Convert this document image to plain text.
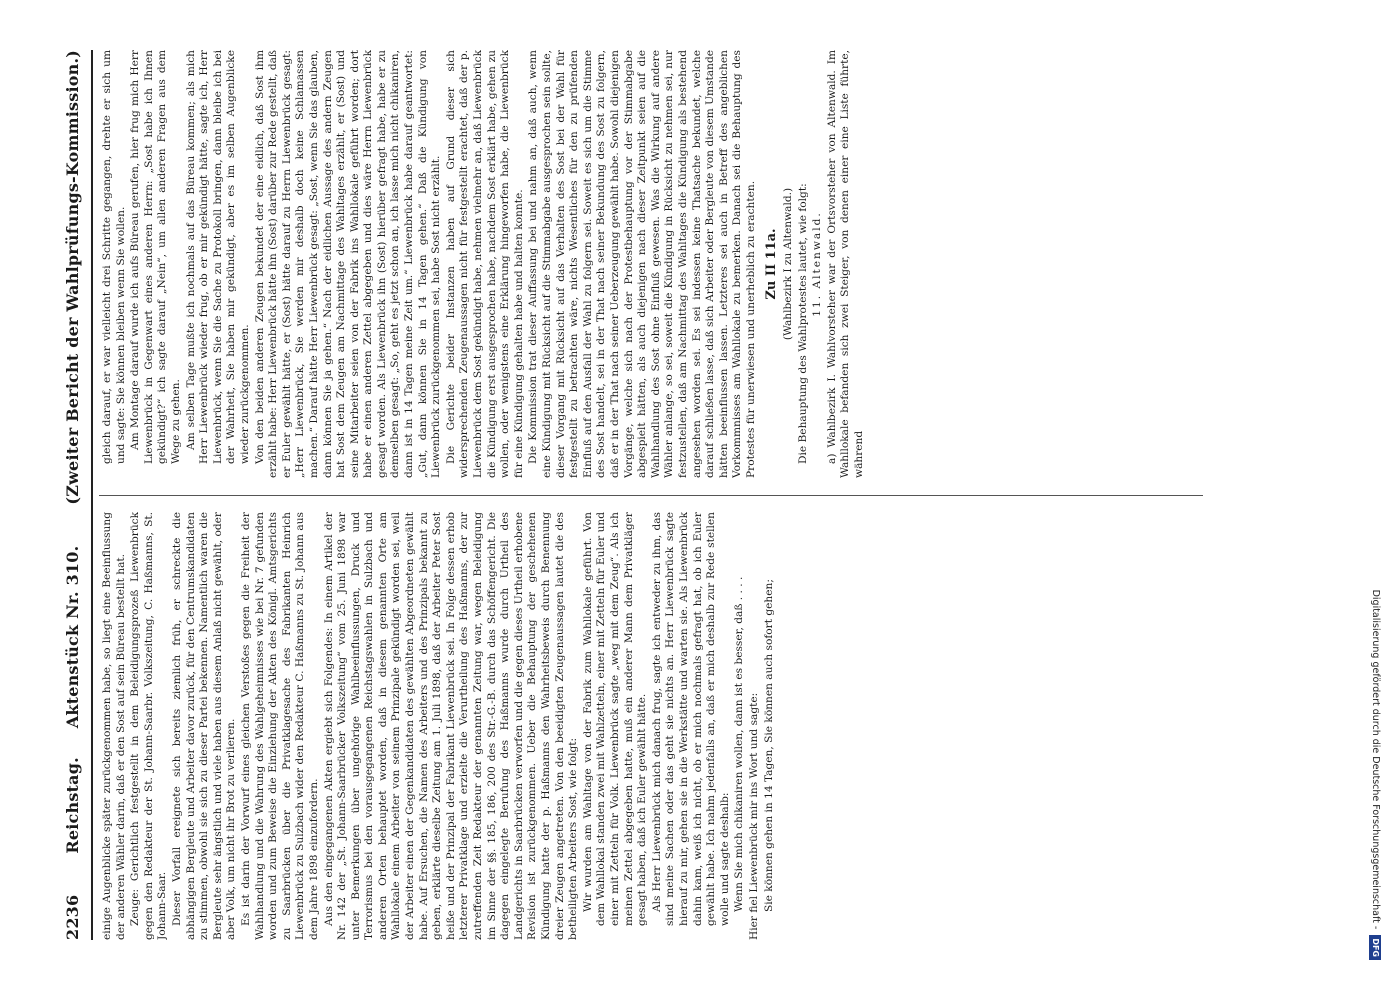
2236
Reichstag.     Aktenstück Nr. 310.
(Zweiter Bericht der Wahlprüfungs-Kommission.)

einige Augenblicke später zurückgenommen habe, so liegt eine Beeinflussung der anderen Wähler darin, daß er den Sost auf sein Büreau bestellt hat. Zeuge: Gerichtlich festgestellt in dem Beleidigungsprozeß Liewenbrück gegen den Redakteur der St. Johann-Saarbr. Volkszeitung, C. Haßmanns, St. Johann-Saar. Dieser Vorfall ereignete sich bereits ziemlich früh, er schreckte die abhängigen Bergleute und Arbeiter davor zurück, für den Centrumskandidaten zu stimmen, obwohl sie sich zu dieser Partei bekennen. Namentlich waren die Bergleute sehr ängstlich und viele haben aus diesem Anlaß nicht gewählt, oder aber Volk, um nicht ihr Brot zu verlieren. Es ist darin der Vorwurf eines gleichen Verstoßes gegen die Freiheit der Wahlhandlung und die Wahrung des Wahlgeheimnisses wie bei Nr. 7 gefunden worden und zum Beweise die Einziehung der Akten des Königl. Amtsgerichts zu Saarbrücken über die Privatklagesache des Fabrikanten Heinrich Liewenbrück zu Sulzbach wider den Redakteur C. Haßmanns zu St. Johann aus dem Jahre 1898 einzufordern. Aus den eingegangenen Akten ergiebt sich Folgendes: In einem Artikel der Nr. 142 der „St. Johann-Saarbrücker Volkszeitung“ vom 25. Juni 1898 war unter Bemerkungen über ungehörige Wahlbeeinflussungen, Druck und Terrorismus bei den vorausgegangenen Reichstagswahlen in Sulzbach und anderen Orten behauptet worden, daß in diesem genannten Orte am Wahllokale einem Arbeiter von seinem Prinzipale gekündigt worden sei, weil der Arbeiter einen der Gegenkandidaten des gewählten Abgeordneten gewählt habe. Auf Ersuchen, die Namen des Arbeiters und des Prinzipals bekannt zu geben, erklärte dieselbe Zeitung am 1. Juli 1898, daß der Arbeiter Peter Sost heiße und der Prinzipal der Fabrikant Liewenbrück sei. In Folge dessen erhob letzterer Privatklage und erzielte die Verurtheilung des Haßmanns, der zur zutreffenden Zeit Redakteur der genannten Zeitung war, wegen Beleidigung im Sinne der §§. 185, 186, 200 des Str.-G.-B. durch das Schöffengericht. Die dagegen eingelegte Berufung des Haßmanns wurde durch Urtheil des Landgerichts in Saarbrücken verworfen und die gegen dieses Urtheil erhobene Revision ist zurückgenommen. Ueber die Behauptung der geschehenen Kündigung hatte der p. Haßmanns den Wahrheitsbeweis durch Benennung dreier Zeugen angetreten. Von den beeidigten Zeugenaussagen lautet die des betheiligten Arbeiters Sost, wie folgt: Wir wurden am Wahltage von der Fabrik zum Wahllokale geführt. Von dem Wahllokal standen zwei mit Wahlzetteln, einer mit Zetteln für Euler und einer mit Zetteln für Volk. Liewenbrück sagte „weg mit dem Zeug“. Als ich meinen Zettel abgegeben hatte, muß ein anderer Mann dem Privatkläger gesagt haben, daß ich Euler gewählt hätte. Als Herr Liewenbrück mich danach frug, sagte ich entweder zu ihm, das sind meine Sachen oder das geht sie nichts an. Herr Liewenbrück sagte hierauf zu mir, gehen sie in die Werkstätte und warten sie. Als Liewenbrück dahin kam, weiß ich nicht, ob er mich nochmals gefragt hat, ob ich Euler gewählt habe. Ich nahm jedenfalls an, daß er mich deshalb zur Rede stellen wolle und sagte deshalb: Wenn Sie mich chikaniren wollen, dann ist es besser, daß . . . . Hier fiel Liewenbrück mir ins Wort und sagte: Sie können gehen in 14 Tagen, Sie können auch sofort gehen;

gleich darauf, er war vielleicht drei Schritte gegangen, drehte er sich um und sagte: Sie können bleiben wenn Sie wollen. Am Montage darauf wurde ich aufs Büreau gerufen, hier frug mich Herr Liewenbrück in Gegenwart eines anderen Herrn: „Sost habe ich Ihnen gekündigt?“ ich sagte darauf „Nein“, um allen anderen Fragen aus dem Wege zu gehen. Am selben Tage mußte ich nochmals auf das Büreau kommen; als mich Herr Liewenbrück wieder frug, ob er mir gekündigt hätte, sagte ich, Herr Liewenbrück, wenn Sie die Sache zu Protokoll bringen, dann bleibe ich bei der Wahrheit, Sie haben mir gekündigt, aber es im selben Augenblicke wieder zurückgenommen. Von den beiden anderen Zeugen bekundet der eine eidlich, daß Sost ihm erzählt habe: Herr Liewenbrück hätte ihn (Sost) darüber zur Rede gestellt, daß er Euler gewählt hätte, er (Sost) hätte darauf zu Herrn Liewenbrück gesagt: „Herr Liewenbrück, Sie werden mir deshalb doch keine Schlamassen machen.“ Darauf hätte Herr Liewenbrück gesagt: „Sost, wenn Sie das glauben, dann können Sie ja gehen.“ Nach der eidlichen Aussage des andern Zeugen hat Sost dem Zeugen am Nachmittage des Wahltages erzählt, er (Sost) und seine Mitarbeiter seien von der Fabrik ins Wahllokale geführt worden; dort habe er einen anderen Zettel abgegeben und dies wäre Herrn Liewenbrück gesagt worden. Als Liewenbrück ihn (Sost) hierüber gefragt habe, habe er zu demselben gesagt: „So, geht es jetzt schon an, ich lasse mich nicht chikaniren, dann ist in 14 Tagen meine Zeit um.“ Liewenbrück habe darauf geantwortet: „Gut, dann können Sie in 14 Tagen gehen.“ Daß die Kündigung von Liewenbrück zurückgenommen sei, habe Sost nicht erzählt. Die Gerichte beider Instanzen haben auf Grund dieser sich widersprechenden Zeugenaussagen nicht für festgestellt erachtet, daß der p. Liewenbrück dem Sost gekündigt habe, nehmen vielmehr an, daß Liewenbrück die Kündigung erst ausgesprochen habe, nachdem Sost erklärt habe, gehen zu wollen, oder wenigstens eine Erklärung hingeworfen habe, die Liewenbrück für eine Kündigung gehalten habe und halten konnte. Die Kommission trat dieser Auffassung bei und nahm an, daß auch, wenn eine Kündigung mit Rücksicht auf die Stimmabgabe ausgesprochen sein sollte, dieser Vorgang mit Rücksicht auf das Verhalten des Sost bei der Wahl für festgestellt zu betrachten wäre, nichts Wesentliches für den zu prüfenden Einfluß auf den Ausfall der Wahl zu folgern sei. Soweit es sich um die Stimme des Sost handelt, sei in der That nach seiner Bekundung des Sost zu folgern, daß er in der That nach seiner Ueberzeugung gewählt habe. Sowohl diejenigen Vorgänge, welche sich nach der Protestbehauptung vor der Stimmabgabe abgespielt hätten, als auch diejenigen nach dieser Zeitpunkt seien auf die Wahlhandlung des Sost ohne Einfluß gewesen. Was die Wirkung auf andere Wähler anlange, so sei, soweit die Kündigung in Rücksicht zu nehmen sei, nur festzustellen, daß am Nachmittag des Wahltages die Kündigung als bestehend angesehen worden sei. Es sei indessen keine Thatsache bekundet, welche darauf schließen lasse, daß sich Arbeiter oder Bergleute von diesem Umstande hätten beeinflussen lassen. Letzteres sei auch in Betreff des angeblichen Vorkommnisses am Wahllokale zu bemerken. Danach sei die Behauptung des Protestes für unerwiesen und unerheblich zu erachten. Zu II 11a. (Wahlbezirk I zu Altenwald.) Die Behauptung des Wahlprotestes lautet, wie folgt: 11. Altenwald. a) Wahlbezirk I. Wahlvorsteher war der Ortsvorsteher von Altenwald. Im Wahllokale befanden sich zwei Steiger, von denen einer eine Liste führte, während

Digitalisierung gefördert durch die Deutsche Forschungsgemeinschaft -
DFG
